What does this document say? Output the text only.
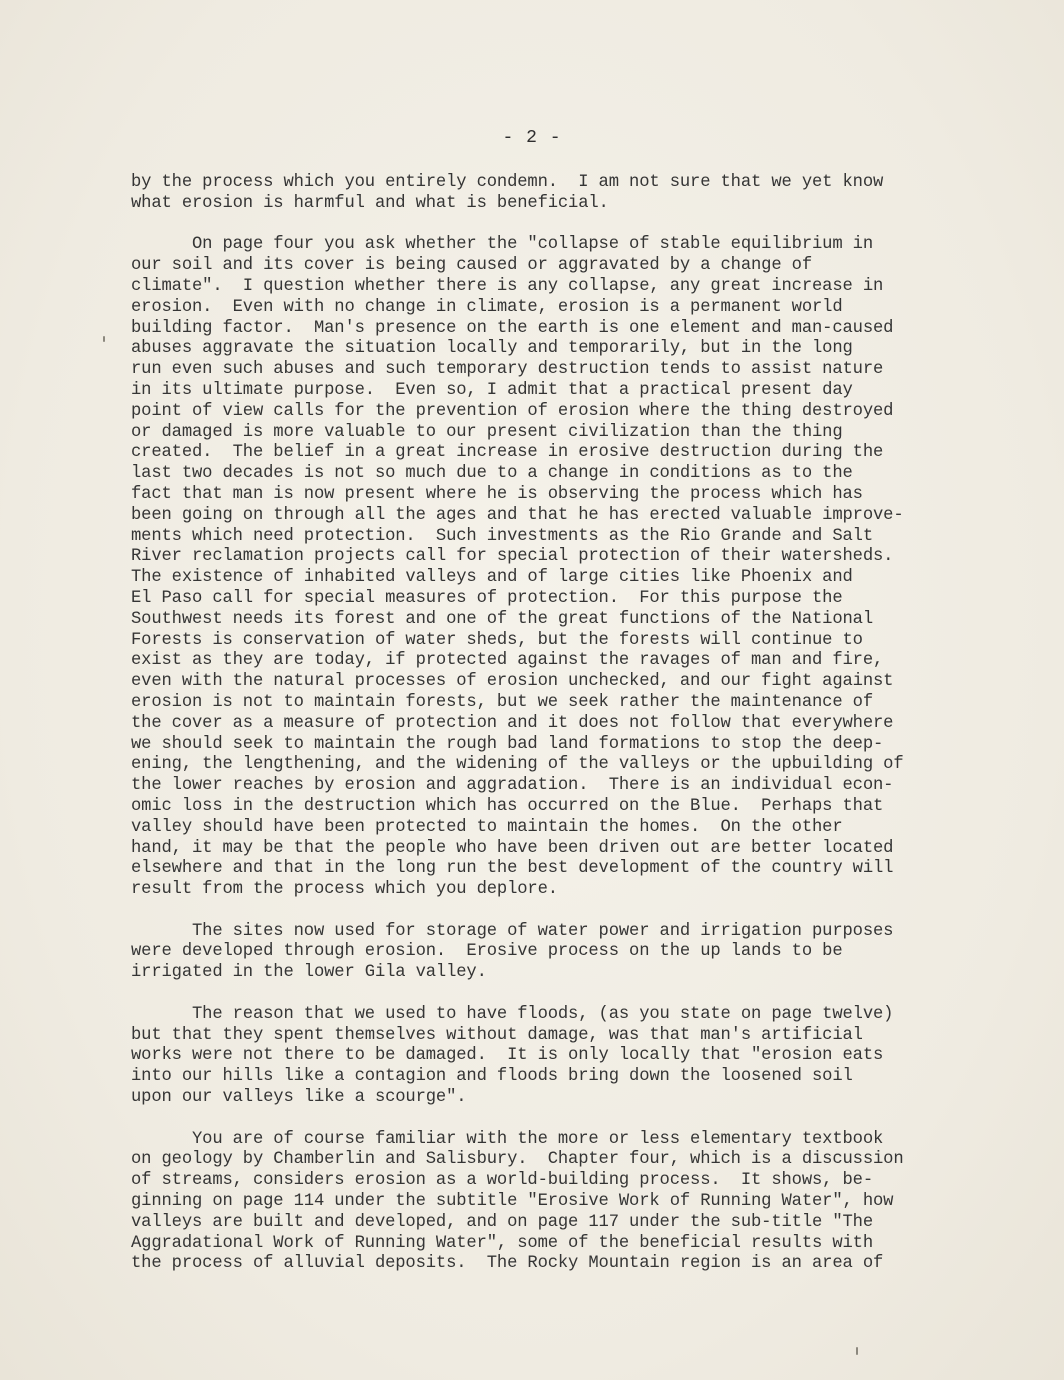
- 2 -
by the process which you entirely condemn.  I am not sure that we yet know
what erosion is harmful and what is beneficial.
On page four you ask whether the "collapse of stable equilibrium in
our soil and its cover is being caused or aggravated by a change of
climate".  I question whether there is any collapse, any great increase in
erosion.  Even with no change in climate, erosion is a permanent world
building factor.  Man's presence on the earth is one element and man-caused
abuses aggravate the situation locally and temporarily, but in the long
run even such abuses and such temporary destruction tends to assist nature
in its ultimate purpose.  Even so, I admit that a practical present day
point of view calls for the prevention of erosion where the thing destroyed
or damaged is more valuable to our present civilization than the thing
created.  The belief in a great increase in erosive destruction during the
last two decades is not so much due to a change in conditions as to the
fact that man is now present where he is observing the process which has
been going on through all the ages and that he has erected valuable improve-
ments which need protection.  Such investments as the Rio Grande and Salt
River reclamation projects call for special protection of their watersheds.
The existence of inhabited valleys and of large cities like Phoenix and
El Paso call for special measures of protection.  For this purpose the
Southwest needs its forest and one of the great functions of the National
Forests is conservation of water sheds, but the forests will continue to
exist as they are today, if protected against the ravages of man and fire,
even with the natural processes of erosion unchecked, and our fight against
erosion is not to maintain forests, but we seek rather the maintenance of
the cover as a measure of protection and it does not follow that everywhere
we should seek to maintain the rough bad land formations to stop the deep-
ening, the lengthening, and the widening of the valleys or the upbuilding of
the lower reaches by erosion and aggradation.  There is an individual econ-
omic loss in the destruction which has occurred on the Blue.  Perhaps that
valley should have been protected to maintain the homes.  On the other
hand, it may be that the people who have been driven out are better located
elsewhere and that in the long run the best development of the country will
result from the process which you deplore.
The sites now used for storage of water power and irrigation purposes
were developed through erosion.  Erosive process on the up lands to be
irrigated in the lower Gila valley.
The reason that we used to have floods, (as you state on page twelve)
but that they spent themselves without damage, was that man's artificial
works were not there to be damaged.  It is only locally that "erosion eats
into our hills like a contagion and floods bring down the loosened soil
upon our valleys like a scourge".
You are of course familiar with the more or less elementary textbook
on geology by Chamberlin and Salisbury.  Chapter four, which is a discussion
of streams, considers erosion as a world-building process.  It shows, be-
ginning on page 114 under the subtitle "Erosive Work of Running Water", how
valleys are built and developed, and on page 117 under the sub-title "The
Aggradational Work of Running Water", some of the beneficial results with
the process of alluvial deposits.  The Rocky Mountain region is an area of
